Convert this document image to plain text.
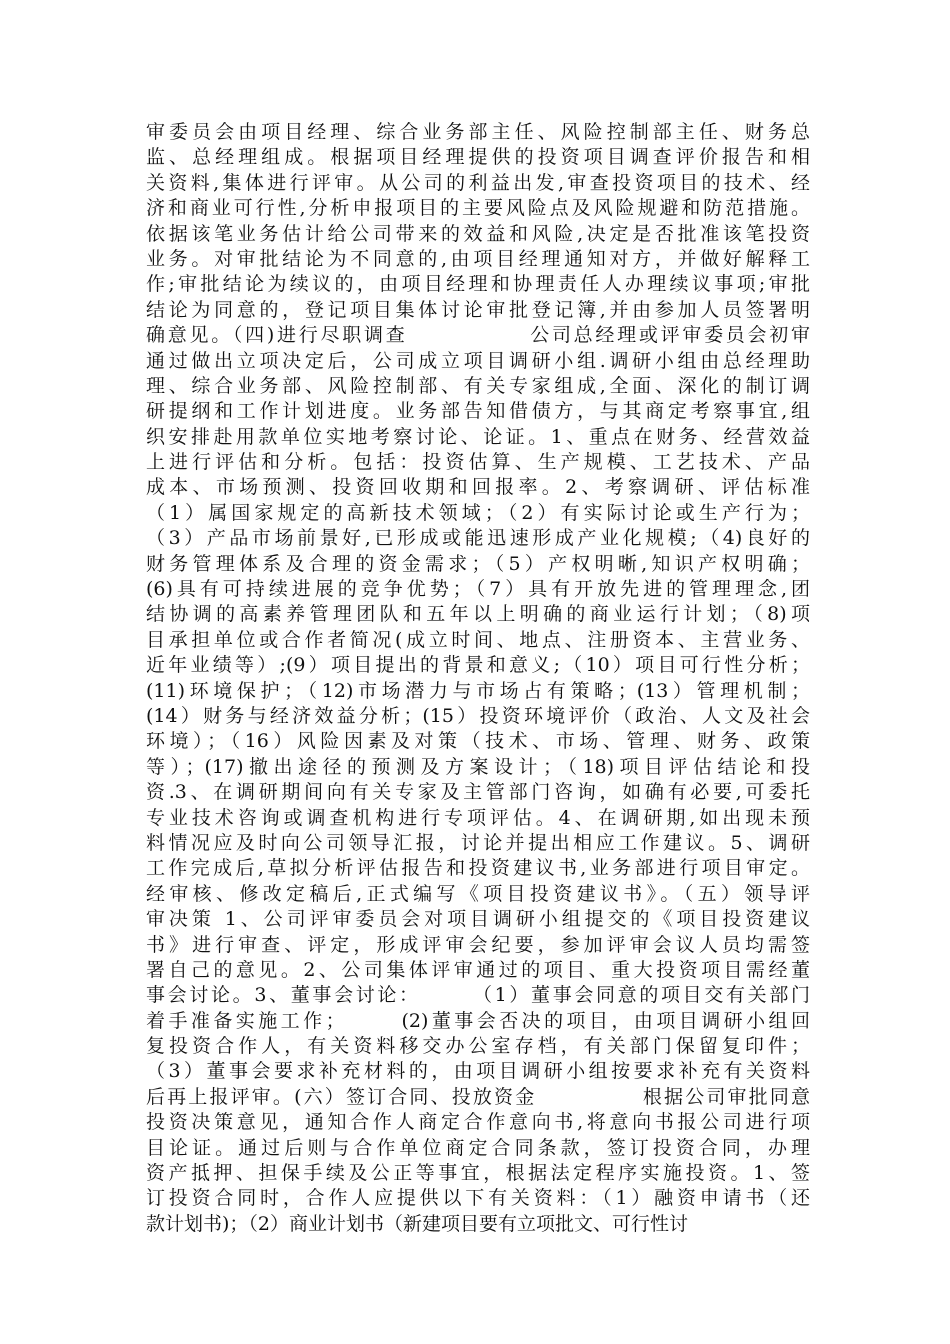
审委员会由项目经理、综合业务部主任、风险控制部主任、财务总
监、总经理组成。根据项目经理提供的投资项目调查评价报告和相
关资料,集体进行评审。从公司的利益出发,审查投资项目的技术、经
济和商业可行性,分析申报项目的主要风险点及风险规避和防范措施。
依据该笔业务估计给公司带来的效益和风险,决定是否批准该笔投资
业务。对审批结论为不同意的,由项目经理通知对方，并做好解释工
作;审批结论为续议的，由项目经理和协理责任人办理续议事项;审批
结论为同意的，登记项目集体讨论审批登记簿,并由参加人员签署明
确意见。（四)进行尽职调查              公司总经理或评审委员会初审
通过做出立项决定后，公司成立项目调研小组.调研小组由总经理助
理、综合业务部、风险控制部、有关专家组成,全面、深化的制订调
研提纲和工作计划进度。业务部告知借债方，与其商定考察事宜,组
织安排赴用款单位实地考察讨论、论证。1、重点在财务、经营效益
上进行评估和分析。包括：投资估算、生产规模、工艺技术、产品
成本、市场预测、投资回收期和回报率。2、考察调研、评估标准
（1）属国家规定的高新技术领域；（2）有实际讨论或生产行为；
（3）产品市场前景好,已形成或能迅速形成产业化规模;（4)良好的
财务管理体系及合理的资金需求；（5）产权明晰,知识产权明确；
(6)具有可持续进展的竞争优势；（7）具有开放先进的管理理念,团
结协调的高素养管理团队和五年以上明确的商业运行计划；（8)项
目承担单位或合作者简况(成立时间、地点、注册资本、主营业务、
近年业绩等）;(9）项目提出的背景和意义;（10）项目可行性分析；
(11)环境保护；（12)市场潜力与市场占有策略；(13）管理机制；
(14）财务与经济效益分析；(15）投资环境评价（政治、人文及社会
环境）；（16）风险因素及对策（技术、市场、管理、财务、政策
等）；(17)撤出途径的预测及方案设计；（18)项目评估结论和投
资.3、在调研期间向有关专家及主管部门咨询，如确有必要,可委托
专业技术咨询或调查机构进行专项评估。4、在调研期,如出现未预
料情况应及时向公司领导汇报，讨论并提出相应工作建议。5、调研
工作完成后,草拟分析评估报告和投资建议书,业务部进行项目审定。
经审核、修改定稿后,正式编写《项目投资建议书》。（五）领导评
审决策 1、公司评审委员会对项目调研小组提交的《项目投资建议
书》进行审查、评定，形成评审会纪要，参加评审会议人员均需签
署自己的意见。2、公司集体评审通过的项目、重大投资项目需经董
事会讨论。3、董事会讨论：      （1）董事会同意的项目交有关部门
着手准备实施工作；      (2)董事会否决的项目，由项目调研小组回
复投资合作人，有关资料移交办公室存档，有关部门保留复印件；
（3）董事会要求补充材料的，由项目调研小组按要求补充有关资料
后再上报评审。(六）签订合同、投放资金             根据公司审批同意
投资决策意见，通知合作人商定合作意向书,将意向书报公司进行项
目论证。通过后则与合作单位商定合同条款，签订投资合同，办理
资产抵押、担保手续及公正等事宜，根据法定程序实施投资。1、签
订投资合同时，合作人应提供以下有关资料：（1）融资申请书（还
款计划书)；（2）商业计划书（新建项目要有立项批文、可行性讨
